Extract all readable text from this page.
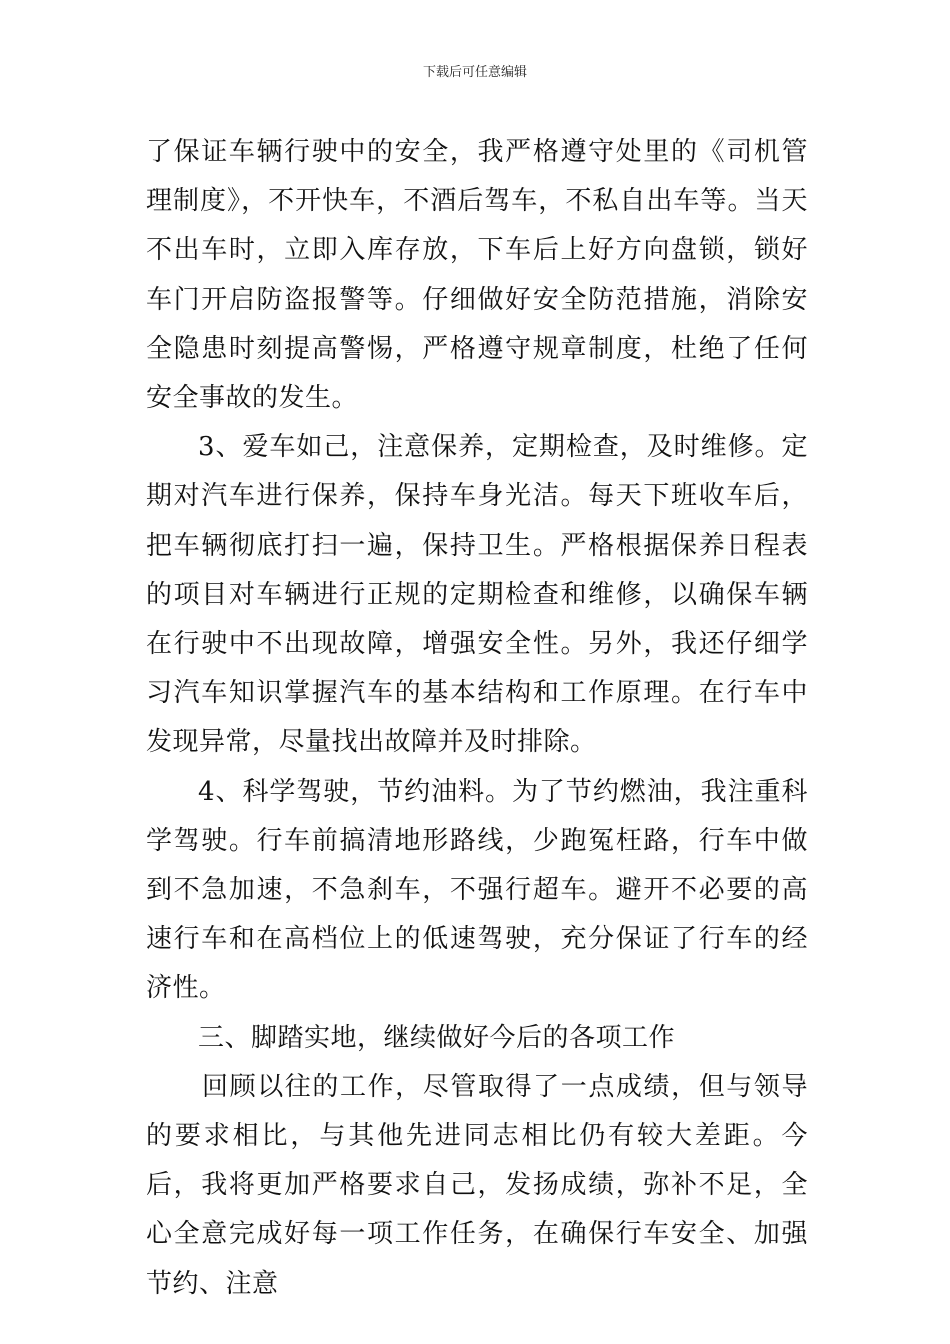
下载后可任意编辑

了保证车辆行驶中的安全，我严格遵守处里的《司机管理制度》，不开快车，不酒后驾车，不私自出车等。当天不出车时，立即入库存放，下车后上好方向盘锁，锁好车门开启防盗报警等。仔细做好安全防范措施，消除安全隐患时刻提高警惕，严格遵守规章制度，杜绝了任何安全事故的发生。

3、爱车如己，注意保养，定期检查，及时维修。定期对汽车进行保养，保持车身光洁。每天下班收车后，把车辆彻底打扫一遍，保持卫生。严格根据保养日程表的项目对车辆进行正规的定期检查和维修，以确保车辆在行驶中不出现故障，增强安全性。另外，我还仔细学习汽车知识掌握汽车的基本结构和工作原理。在行车中发现异常，尽量找出故障并及时排除。

4、科学驾驶，节约油料。为了节约燃油，我注重科学驾驶。行车前搞清地形路线，少跑冤枉路，行车中做到不急加速，不急刹车，不强行超车。避开不必要的高速行车和在高档位上的低速驾驶，充分保证了行车的经济性。

三、脚踏实地，继续做好今后的各项工作

回顾以往的工作，尽管取得了一点成绩，但与领导的要求相比，与其他先进同志相比仍有较大差距。今后，我将更加严格要求自己，发扬成绩，弥补不足，全心全意完成好每一项工作任务，在确保行车安全、加强节约、注意
